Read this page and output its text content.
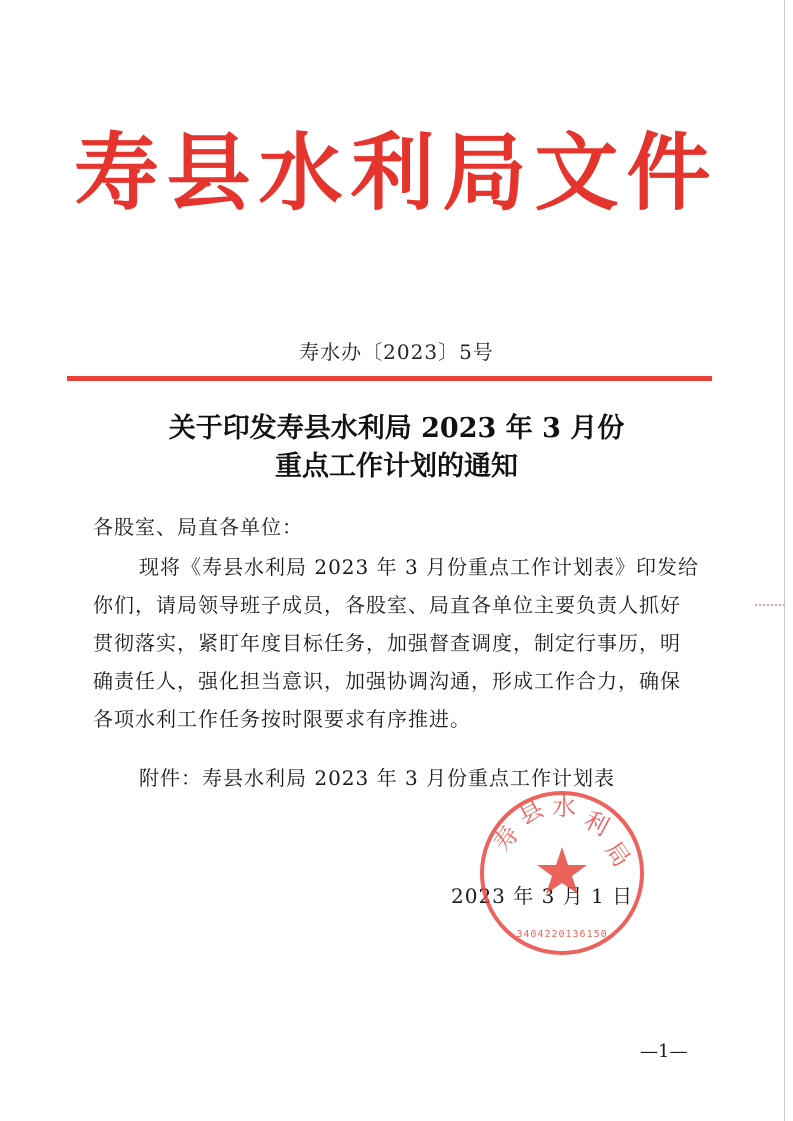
寿县水利局文件
寿水办〔2023〕5号
关于印发寿县水利局 2023 年 3 月份
重点工作计划的通知
各股室、局直各单位：
现将《寿县水利局 2023 年 3 月份重点工作计划表》印发给
你们，请局领导班子成员，各股室、局直各单位主要负责人抓好
贯彻落实，紧盯年度目标任务，加强督查调度，制定行事历，明
确责任人，强化担当意识，加强协调沟通，形成工作合力，确保
各项水利工作任务按时限要求有序推进。
附件：寿县水利局 2023 年 3 月份重点工作计划表
2023 年 3 月 1 日
寿
县 水 利
局
3404220136150
—1—
